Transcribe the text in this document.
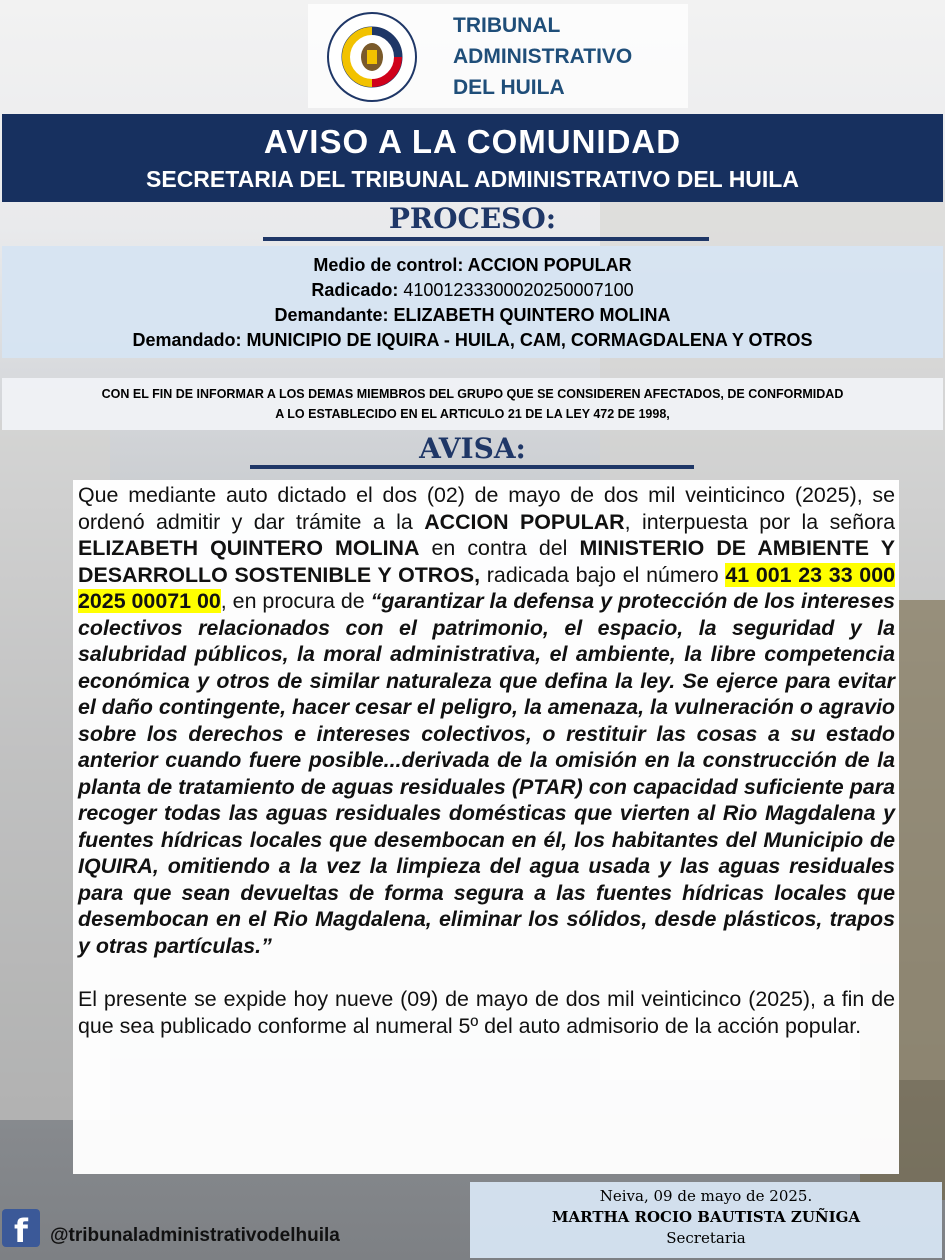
TRIBUNAL
ADMINISTRATIVO
DEL HUILA
AVISO A LA COMUNIDAD
SECRETARIA DEL TRIBUNAL ADMINISTRATIVO DEL HUILA
PROCESO:
Medio de control: ACCION POPULAR
Radicado: 41001233300020250007100
Demandante: ELIZABETH QUINTERO MOLINA
Demandado: MUNICIPIO DE IQUIRA - HUILA, CAM, CORMAGDALENA Y OTROS
CON EL FIN DE INFORMAR A LOS DEMAS MIEMBROS DEL GRUPO QUE SE CONSIDEREN AFECTADOS, DE CONFORMIDAD
A LO ESTABLECIDO EN EL ARTICULO 21 DE LA LEY 472 DE 1998,
AVISA:

Que mediante auto dictado el dos (02) de mayo de dos mil veinticinco (2025), se ordenó admitir y dar trámite a la ACCION POPULAR, interpuesta por la señora ELIZABETH QUINTERO MOLINA en contra del MINISTERIO DE AMBIENTE Y DESARROLLO SOSTENIBLE Y OTROS, radicada bajo el número 41 001 23 33 000 2025 00071 00, en procura de “garantizar la defensa y protección de los intereses colectivos relacionados con el patrimonio, el espacio, la seguridad y la salubridad públicos, la moral administrativa, el ambiente, la libre competencia económica y otros de similar naturaleza que defina la ley. Se ejerce para evitar el daño contingente, hacer cesar el peligro, la amenaza, la vulneración o agravio sobre los derechos e intereses colectivos, o restituir las cosas a su estado anterior cuando fuere posible...derivada de la omisión en la construcción de la planta de tratamiento de aguas residuales (PTAR) con capacidad suficiente para recoger todas las aguas residuales domésticas que vierten al Rio Magdalena y fuentes hídricas locales que desembocan en él, los habitantes del Municipio de IQUIRA, omitiendo a la vez la limpieza del agua usada y las aguas residuales para que sean devueltas de forma segura a las fuentes hídricas locales que desembocan en el Rio Magdalena, eliminar los sólidos, desde plásticos, trapos y otras partículas.”

El presente se expide hoy nueve (09) de mayo de dos mil veinticinco (2025), a fin de que sea publicado conforme al numeral 5º del auto admisorio de la acción popular.

f	@tribunaladministrativodelhuila
Neiva, 09 de mayo de 2025.
MARTHA ROCIO BAUTISTA ZUÑIGA
Secretaria
